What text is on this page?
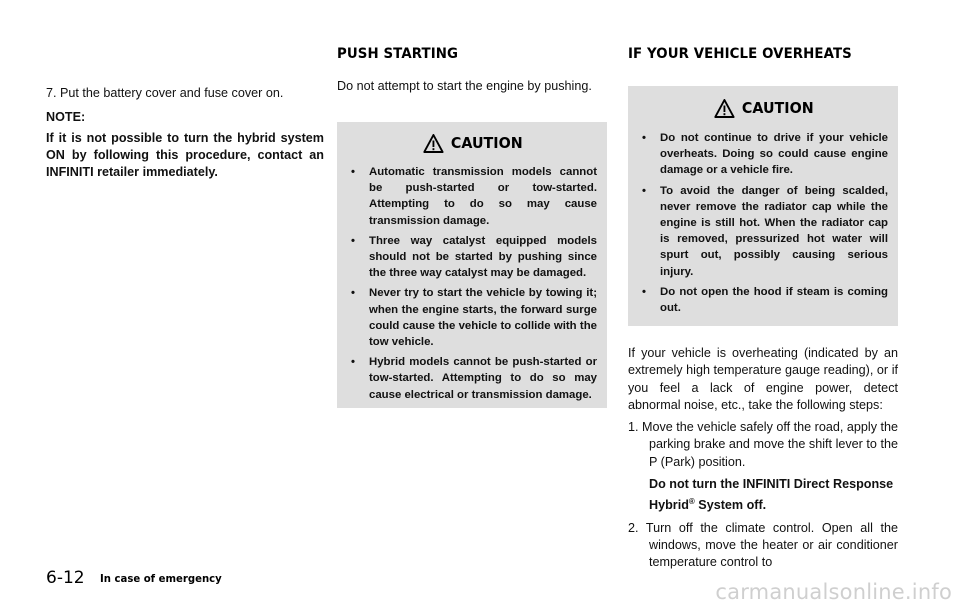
7. Put the battery cover and fuse cover on.

NOTE:

If it is not possible to turn the hybrid system ON by following this procedure, contact an INFINITI retailer immediately.

PUSH STARTING

Do not attempt to start the engine by pushing.

CAUTION
• Automatic transmission models cannot be push-started or tow-started. Attempting to do so may cause transmission damage.
• Three way catalyst equipped models should not be started by pushing since the three way catalyst may be damaged.
• Never try to start the vehicle by towing it; when the engine starts, the forward surge could cause the vehicle to collide with the tow vehicle.
• Hybrid models cannot be push-started or tow-started. Attempting to do so may cause electrical or transmission damage.
IF YOUR VEHICLE OVERHEATS
CAUTION
• Do not continue to drive if your vehicle overheats. Doing so could cause engine damage or a vehicle fire.
• To avoid the danger of being scalded, never remove the radiator cap while the engine is still hot. When the radiator cap is removed, pressurized hot water will spurt out, possibly causing serious injury.
• Do not open the hood if steam is coming out.

If your vehicle is overheating (indicated by an extremely high temperature gauge reading), or if you feel a lack of engine power, detect abnormal noise, etc., take the following steps:

1. Move the vehicle safely off the road, apply the parking brake and move the shift lever to the P (Park) position.

Do not turn the INFINITI Direct Response Hybrid® System off.

2. Turn off the climate control. Open all the windows, move the heater or air conditioner temperature control to

6-12 In case of emergency
carmanualsonline.info
